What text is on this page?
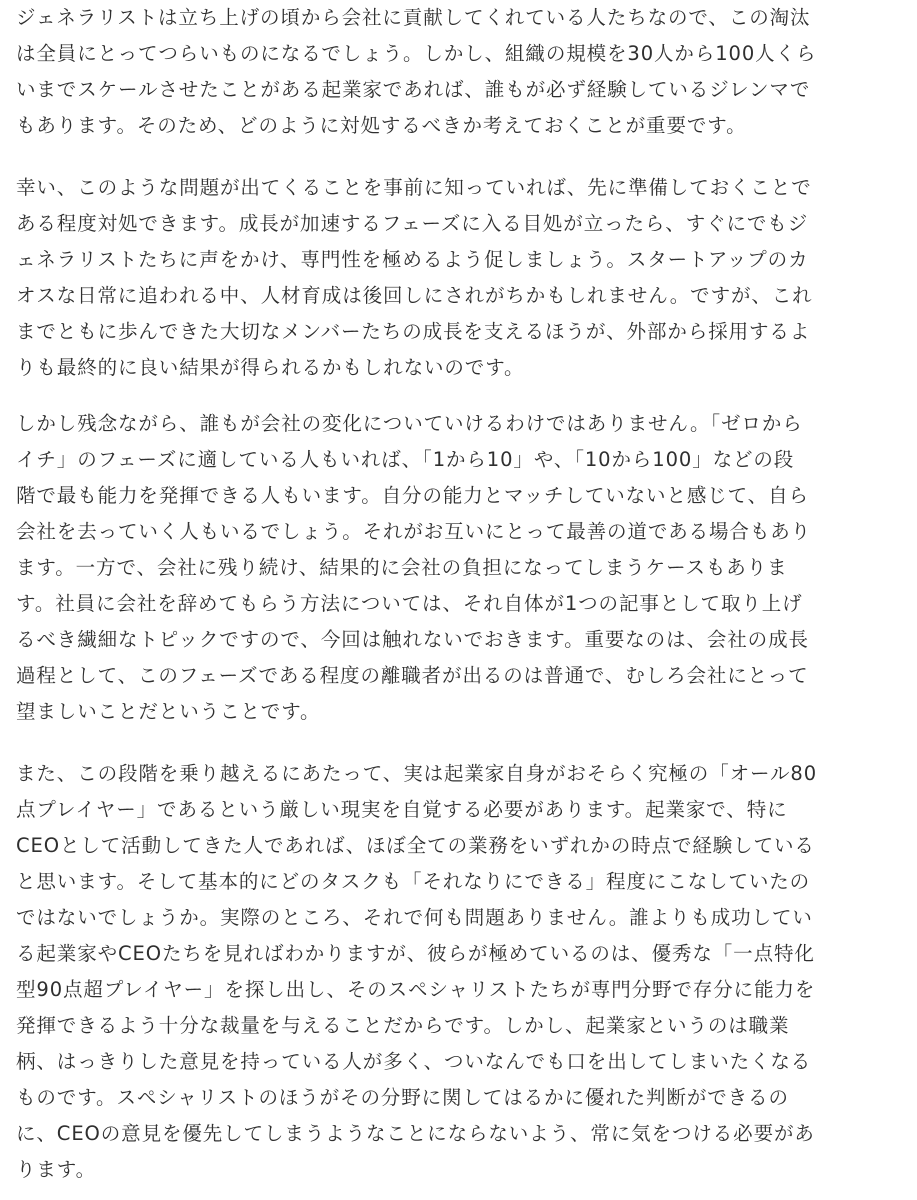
ジェネラリストは立ち上げの頃から会社に貢献してくれている人たちなので、この淘汰
は全員にとってつらいものになるでしょう。しかし、組織の規模を30人から100人くら
いまでスケールさせたことがある起業家であれば、誰もが必ず経験しているジレンマで
もあります。そのため、どのように対処するべきか考えておくことが重要です。
幸い、このような問題が出てくることを事前に知っていれば、先に準備しておくことで
ある程度対処できます。成長が加速するフェーズに入る目処が立ったら、すぐにでもジ
ェネラリストたちに声をかけ、専門性を極めるよう促しましょう。スタートアップのカ
オスな日常に追われる中、人材育成は後回しにされがちかもしれません。ですが、これ
までともに歩んできた大切なメンバーたちの成長を支えるほうが、外部から採用するよ
りも最終的に良い結果が得られるかもしれないのです。
しかし残念ながら、誰もが会社の変化についていけるわけではありません。「ゼロから
イチ」のフェーズに適している人もいれば、「1から10」や、「10から100」などの段
階で最も能力を発揮できる人もいます。自分の能力とマッチしていないと感じて、自ら
会社を去っていく人もいるでしょう。それがお互いにとって最善の道である場合もあり
ます。一方で、会社に残り続け、結果的に会社の負担になってしまうケースもありま
す。社員に会社を辞めてもらう方法については、それ自体が1つの記事として取り上げ
るべき繊細なトピックですので、今回は触れないでおきます。重要なのは、会社の成長
過程として、このフェーズである程度の離職者が出るのは普通で、むしろ会社にとって
望ましいことだということです。
また、この段階を乗り越えるにあたって、実は起業家自身がおそらく究極の「オール80
点プレイヤー」であるという厳しい現実を自覚する必要があります。起業家で、特に
CEOとして活動してきた人であれば、ほぼ全ての業務をいずれかの時点で経験している
と思います。そして基本的にどのタスクも「それなりにできる」程度にこなしていたの
ではないでしょうか。実際のところ、それで何も問題ありません。誰よりも成功してい
る起業家やCEOたちを見ればわかりますが、彼らが極めているのは、優秀な「一点特化
型90点超プレイヤー」を探し出し、そのスペシャリストたちが専門分野で存分に能力を
発揮できるよう十分な裁量を与えることだからです。しかし、起業家というのは職業
柄、はっきりした意見を持っている人が多く、ついなんでも口を出してしまいたくなる
ものです。スペシャリストのほうがその分野に関してはるかに優れた判断ができるの
に、CEOの意見を優先してしまうようなことにならないよう、常に気をつける必要があ
ります。
